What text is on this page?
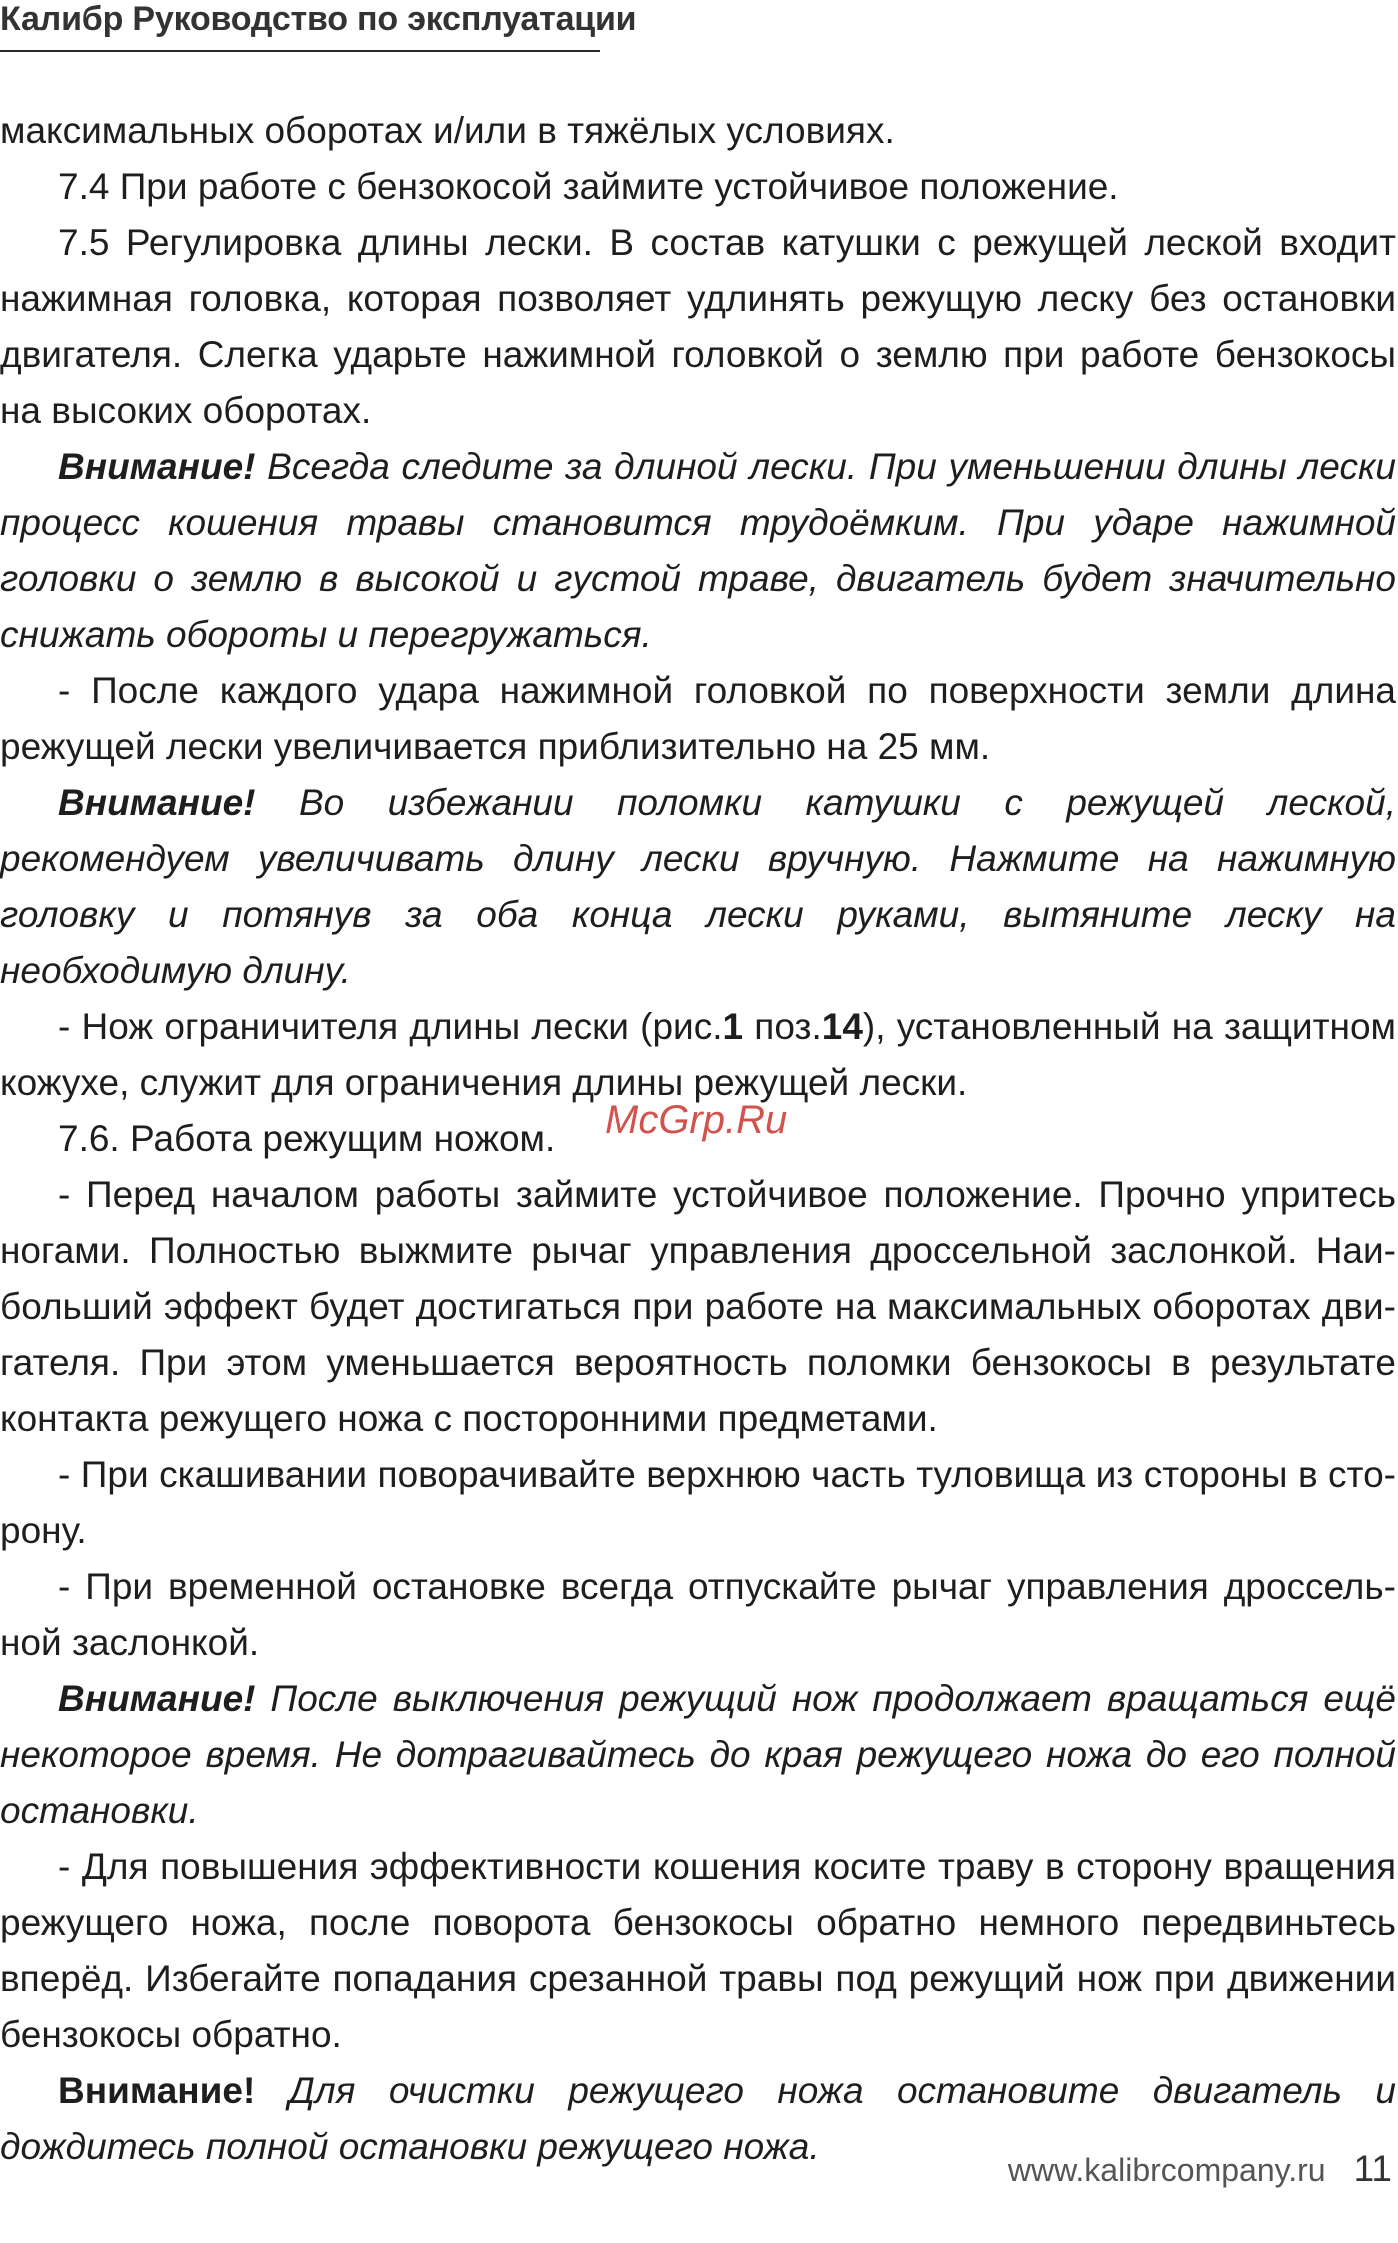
Калибр Руководство по эксплуатации

максимальных оборотах и/или в тяжёлых условиях.

7.4 При работе с бензокосой займите устойчивое положение.

7.5 Регулировка длины лески. В состав катушки с режущей леской входит нажимная головка, которая позволяет удлинять режущую леску без остановки двигателя. Слегка ударьте нажимной головкой о землю при работе бензокосы на высоких оборотах.

Внимание! Всегда следите за длиной лески. При уменьшении длины лески процесс кошения травы становится трудоёмким. При ударе нажимной головки о землю в высокой и густой траве, двигатель будет значительно снижать обороты и перегружаться.

- После каждого удара нажимной головкой по поверхности земли длина режущей лески увеличивается приблизительно на 25 мм.

Внимание! Во избежании поломки катушки с режущей леской, рекомендуем увеличивать длину лески вручную. Нажмите на нажимную головку и потянув за оба конца лески руками, вытяните леску на необходимую длину.

- Нож ограничителя длины лески (рис.1 поз.14), установленный на защитном кожухе, служит для ограничения длины режущей лески.

7.6. Работа режущим ножом.

- Перед началом работы займите устойчивое положение. Прочно упритесь ногами. Полностью выжмите рычаг управления дроссельной заслонкой. Наибольший эффект будет достигаться при работе на максимальных оборотах двигателя. При этом уменьшается вероятность поломки бензокосы в результате контакта режущего ножа с посторонними предметами.

- При скашивании поворачивайте верхнюю часть туловища из стороны в сторону.

- При временной остановке всегда отпускайте рычаг управления дроссельной заслонкой.

Внимание! После выключения режущий нож продолжает вращаться ещё некоторое время. Не дотрагивайтесь до края режущего ножа до его полной остановки.

- Для повышения эффективности кошения косите траву в сторону вращения режущего ножа, после поворота бензокосы обратно немного передвиньтесь вперёд. Избегайте попадания срезанной травы под режущий нож при движении бензокосы обратно.

Внимание! Для очистки режущего ножа остановите двигатель и дождитесь полной остановки режущего ножа.

McGrp.Ru
www.kalibrcompany.ru 11
